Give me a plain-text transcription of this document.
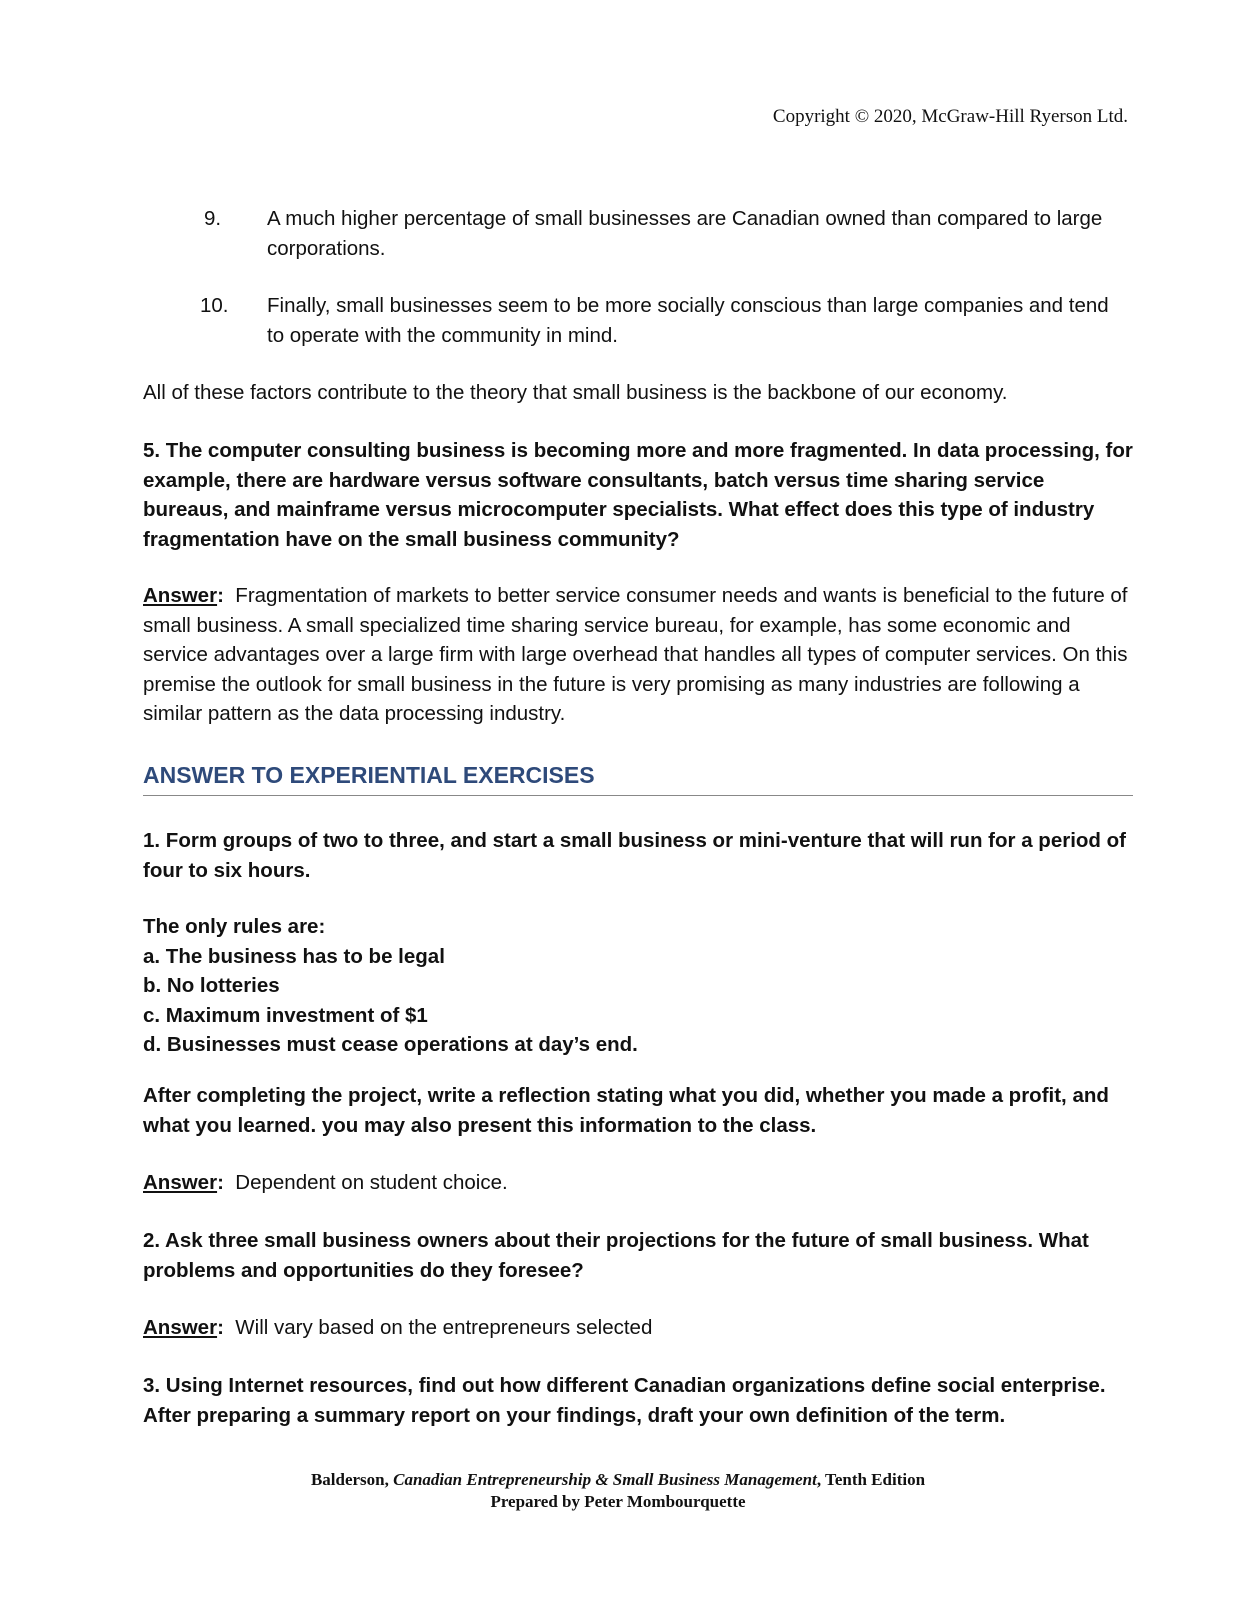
Copyright © 2020, McGraw-Hill Ryerson Ltd.
9. A much higher percentage of small businesses are Canadian owned than compared to large corporations.
10. Finally, small businesses seem to be more socially conscious than large companies and tend to operate with the community in mind.
All of these factors contribute to the theory that small business is the backbone of our economy.
5. The computer consulting business is becoming more and more fragmented. In data processing, for example, there are hardware versus software consultants, batch versus time sharing service bureaus, and mainframe versus microcomputer specialists. What effect does this type of industry fragmentation have on the small business community?
Answer: Fragmentation of markets to better service consumer needs and wants is beneficial to the future of small business. A small specialized time sharing service bureau, for example, has some economic and service advantages over a large firm with large overhead that handles all types of computer services. On this premise the outlook for small business in the future is very promising as many industries are following a similar pattern as the data processing industry.
ANSWER TO EXPERIENTIAL EXERCISES
1. Form groups of two to three, and start a small business or mini-venture that will run for a period of four to six hours.
The only rules are:
a. The business has to be legal
b. No lotteries
c. Maximum investment of $1
d. Businesses must cease operations at day’s end.
After completing the project, write a reflection stating what you did, whether you made a profit, and what you learned. you may also present this information to the class.
Answer: Dependent on student choice.
2. Ask three small business owners about their projections for the future of small business. What problems and opportunities do they foresee?
Answer: Will vary based on the entrepreneurs selected
3. Using Internet resources, find out how different Canadian organizations define social enterprise. After preparing a summary report on your findings, draft your own definition of the term.
Balderson, Canadian Entrepreneurship & Small Business Management, Tenth Edition
Prepared by Peter Mombourquette
